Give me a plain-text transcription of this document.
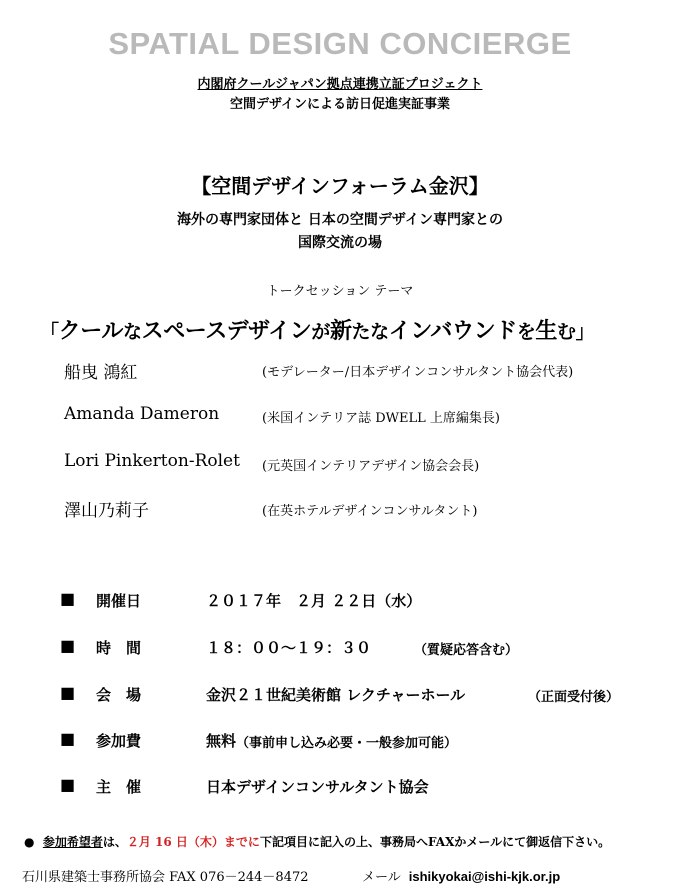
SPATIAL DESIGN CONCIERGE
内閣府クールジャパン拠点連携立証プロジェクト
空間デザインによる訪日促進実証事業
【空間デザインフォーラム金沢】
海外の専門家団体と 日本の空間デザイン専門家との
国際交流の場
トークセッション テーマ
「クールなスペースデザインが新たなインバウンドを生む」
船曳 鴻紅	(モデレーター/日本デザインコンサルタント協会代表)
Amanda Dameron	(米国インテリア誌 DWELL 上席編集長)
Lori Pinkerton-Rolet (元英国インテリアデザイン協会会長)
澤山乃莉子	(在英ホテルデザインコンサルタント)
■ 開催日	２０１７年　２月 ２２日（水）
■ 時　間	１８：００～１９：３０	（質疑応答含む）
■ 会　場	金沢２１世紀美術館 レクチャーホール	（正面受付後）
■ 参加費	無料 （事前申し込み必要・一般参加可能）
■ 主　催	日本デザインコンサルタント協会
● 参加希望者は、２月 16 日（木）までに下記項目に記入の上、事務局へFAXかメールにて御返信下さい。
石川県建築士事務所協会 FAX 076－244－8472	メール ishikyokai@ishi-kjk.or.jp
